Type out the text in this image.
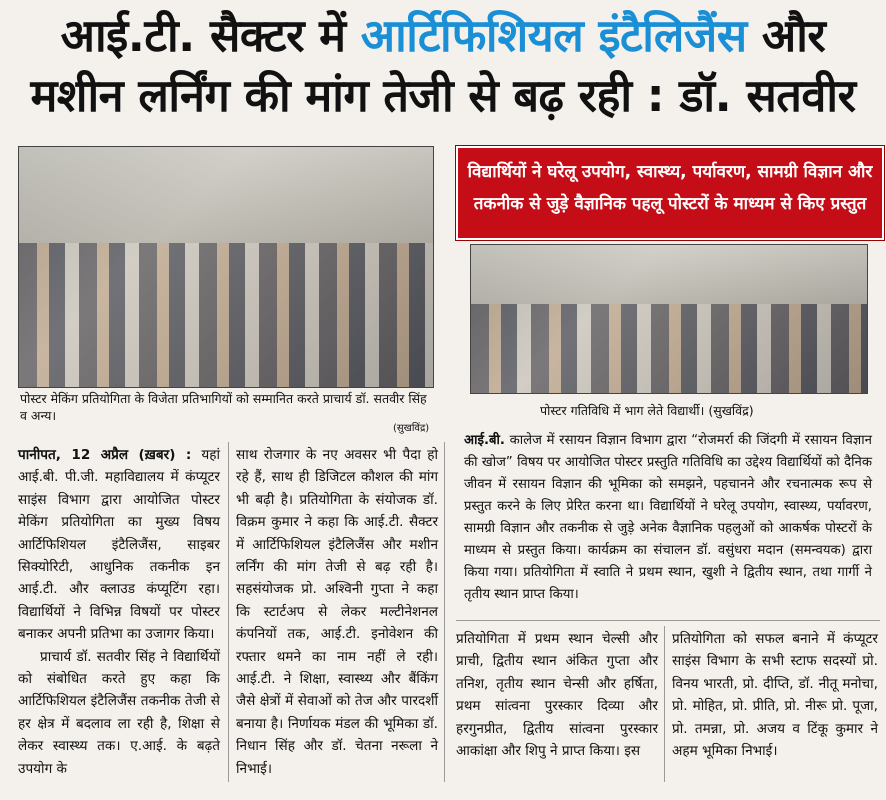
आई.टी. सैक्टर में आर्टिफिशियल इंटैलिजैंस और
मशीन लर्निंग की मांग तेजी से बढ़ रही : डॉ. सतवीर
पोस्टर मेकिंग प्रतियोगिता के विजेता प्रतिभागियों को सम्मानित करते प्राचार्य डॉ. सतवीर सिंह व अन्य।
(सुखविंद्र)
विद्यार्थियों ने घरेलू उपयोग, स्वास्थ्य, पर्यावरण, सामग्री विज्ञान और तकनीक से जुड़े वैज्ञानिक पहलू पोस्टरों के माध्यम से किए प्रस्तुत
पोस्टर गतिविधि में भाग लेते विद्यार्थी। (सुखविंद्र)

आई.बी. कालेज में रसायन विज्ञान विभाग द्वारा “रोजमर्रा की जिंदगी में रसायन विज्ञान की खोज” विषय पर आयोजित पोस्टर प्रस्तुति गतिविधि का उद्देश्य विद्यार्थियों को दैनिक जीवन में रसायन विज्ञान की भूमिका को समझने, पहचानने और रचनात्मक रूप से प्रस्तुत करने के लिए प्रेरित करना था। विद्यार्थियों ने घरेलू उपयोग, स्वास्थ्य, पर्यावरण, सामग्री विज्ञान और तकनीक से जुड़े अनेक वैज्ञानिक पहलुओं को आकर्षक पोस्टरों के माध्यम से प्रस्तुत किया। कार्यक्रम का संचालन डॉ. वसुंधरा मदान (समन्वयक) द्वारा किया गया। प्रतियोगिता में स्वाति ने प्रथम स्थान, खुशी ने द्वितीय स्थान, तथा गार्गी ने तृतीय स्थान प्राप्त किया।

पानीपत, 12 अप्रैल (ख़बर) : यहां आई.बी. पी.जी. महाविद्यालय में कंप्यूटर साइंस विभाग द्वारा आयोजित पोस्टर मेकिंग प्रतियोगिता का मुख्य विषय आर्टिफिशियल इंटैलिजैंस, साइबर सिक्योरिटी, आधुनिक तकनीक इन आई.टी. और क्लाउड कंप्यूटिंग रहा। विद्यार्थियों ने विभिन्न विषयों पर पोस्टर बनाकर अपनी प्रतिभा का उजागर किया।

प्राचार्य डॉ. सतवीर सिंह ने विद्यार्थियों को संबोधित करते हुए कहा कि आर्टिफिशियल इंटैलिजैंस तकनीक तेजी से हर क्षेत्र में बदलाव ला रही है, शिक्षा से लेकर स्वास्थ्य तक। ए.आई. के बढ़ते उपयोग के

साथ रोजगार के नए अवसर भी पैदा हो रहे हैं, साथ ही डिजिटल कौशल की मांग भी बढ़ी है। प्रतियोगिता के संयोजक डॉ. विक्रम कुमार ने कहा कि आई.टी. सैक्टर में आर्टिफिशियल इंटैलिजैंस और मशीन लर्निंग की मांग तेजी से बढ़ रही है। सहसंयोजक प्रो. अश्विनी गुप्ता ने कहा कि स्टार्टअप से लेकर मल्टीनेशनल कंपनियों तक, आई.टी. इनोवेशन की रफ्तार थमने का नाम नहीं ले रही। आई.टी. ने शिक्षा, स्वास्थ्य और बैंकिंग जैसे क्षेत्रों में सेवाओं को तेज और पारदर्शी बनाया है। निर्णायक मंडल की भूमिका डॉ. निधान सिंह और डॉ. चेतना नरूला ने निभाई।

प्रतियोगिता में प्रथम स्थान चेल्सी और प्राची, द्वितीय स्थान अंकित गुप्ता और तनिश, तृतीय स्थान चेन्सी और हर्षिता, प्रथम सांत्वना पुरस्कार दिव्या और हरगुनप्रीत, द्वितीय सांत्वना पुरस्कार आकांक्षा और शिपु ने प्राप्त किया। इस

प्रतियोगिता को सफल बनाने में कंप्यूटर साइंस विभाग के सभी स्टाफ सदस्यों प्रो. विनय भारती, प्रो. दीप्ति, डॉ. नीतू मनोचा, प्रो. मोहित, प्रो. प्रीति, प्रो. नीरू प्रो. पूजा, प्रो. तमन्ना, प्रो. अजय व टिंकू कुमार ने अहम भूमिका निभाई।
